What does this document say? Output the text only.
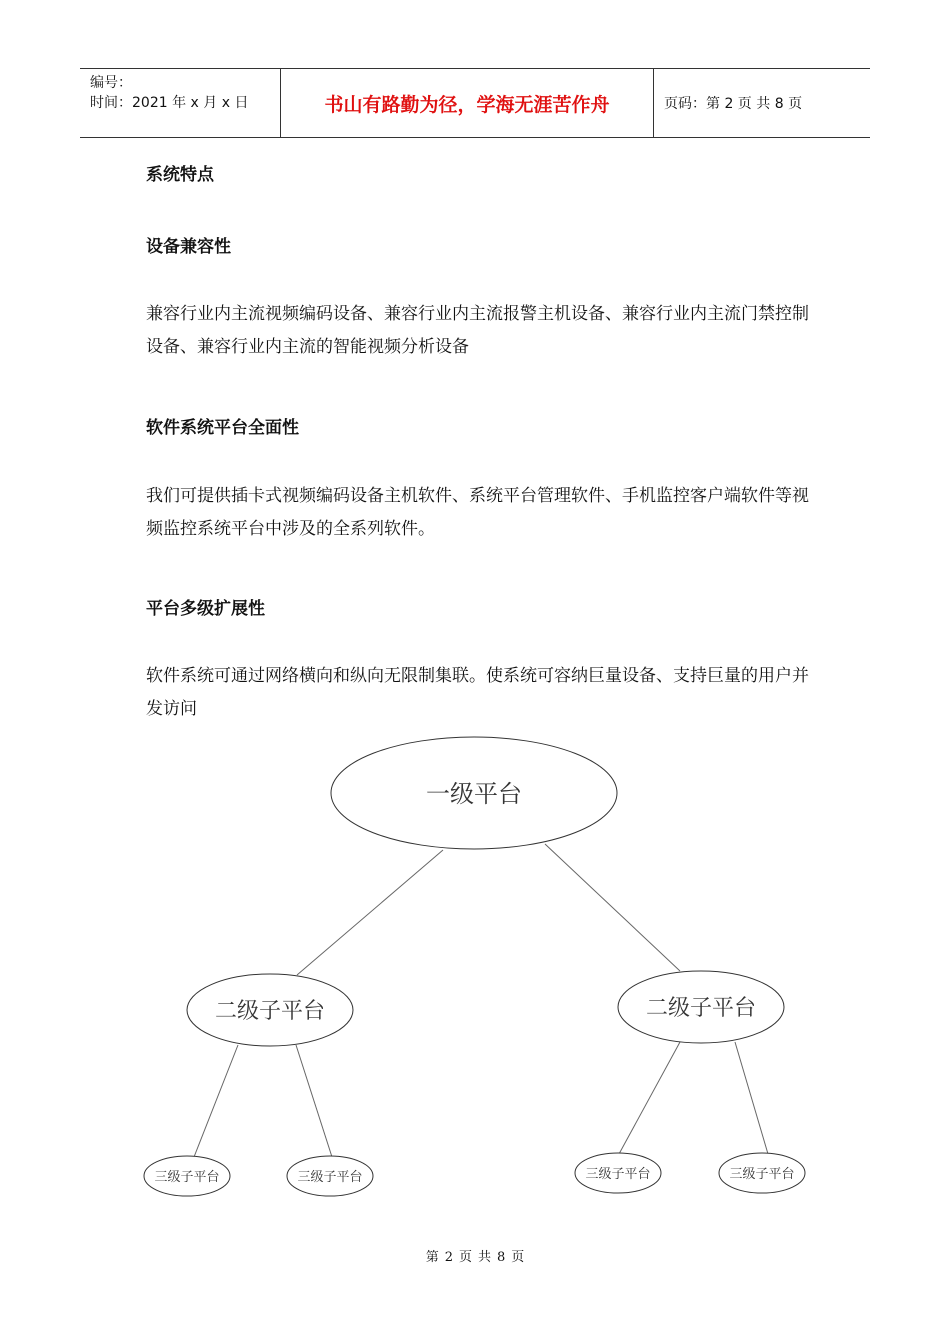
编号：
时间：2021 年 x 月 x 日	书山有路勤为径，学海无涯苦作舟	页码：第 2 页 共 8 页
系统特点
设备兼容性
兼容行业内主流视频编码设备、兼容行业内主流报警主机设备、兼容行业内主流门禁控制设备、兼容行业内主流的智能视频分析设备
软件系统平台全面性
我们可提供插卡式视频编码设备主机软件、系统平台管理软件、手机监控客户端软件等视频监控系统平台中涉及的全系列软件。
平台多级扩展性
软件系统可通过网络横向和纵向无限制集联。使系统可容纳巨量设备、支持巨量的用户并发访问
一级平台
二级子平台	二级子平台
三级子平台	三级子平台	三级子平台	三级子平台
第 2 页 共 8 页
